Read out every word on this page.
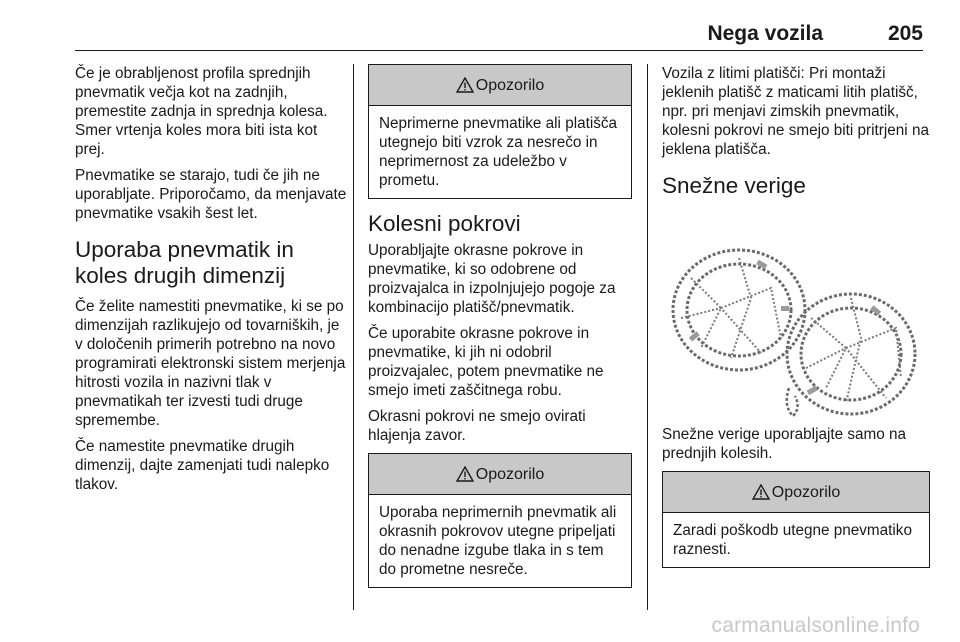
Nega vozila	205

Če je obrabljenost profila sprednjih pnevmatik večja kot na zadnjih, premestite zadnja in sprednja kolesa. Smer vrtenja koles mora biti ista kot prej.

Pnevmatike se starajo, tudi če jih ne uporabljate. Priporočamo, da menjavate pnevmatike vsakih šest let.

Uporaba pnevmatik in koles drugih dimenzij

Če želite namestiti pnevmatike, ki se po dimenzijah razlikujejo od tovarniških, je v določenih primerih potrebno na novo programirati elektronski sistem merjenja hitrosti vozila in nazivni tlak v pnevmatikah ter izvesti tudi druge spremembe.

Če namestite pnevmatike drugih dimenzij, dajte zamenjati tudi nalepko tlakov.

Opozorilo
Neprimerne pnevmatike ali platišča utegnejo biti vzrok za nesrečo in neprimernost za udeležbo v prometu.
Kolesni pokrovi

Uporabljajte okrasne pokrove in pnevmatike, ki so odobrene od proizvajalca in izpolnjujejo pogoje za kombinacijo platišč/pnevmatik.

Če uporabite okrasne pokrove in pnevmatike, ki jih ni odobril proizvajalec, potem pnevmatike ne smejo imeti zaščitnega robu.

Okrasni pokrovi ne smejo ovirati hlajenja zavor.

Opozorilo
Uporaba neprimernih pnevmatik ali okrasnih pokrovov utegne pripeljati do nenadne izgube tlaka in s tem do prometne nesreče.

Vozila z litimi platišči: Pri montaži jeklenih platišč z maticami litih platišč, npr. pri menjavi zimskih pnevmatik, kolesni pokrovi ne smejo biti pritrjeni na jeklena platišča.

Snežne verige

Snežne verige uporabljajte samo na prednjih kolesih.

Opozorilo
Zaradi poškodb utegne pnevmatiko raznesti.
carmanualsonline.info
